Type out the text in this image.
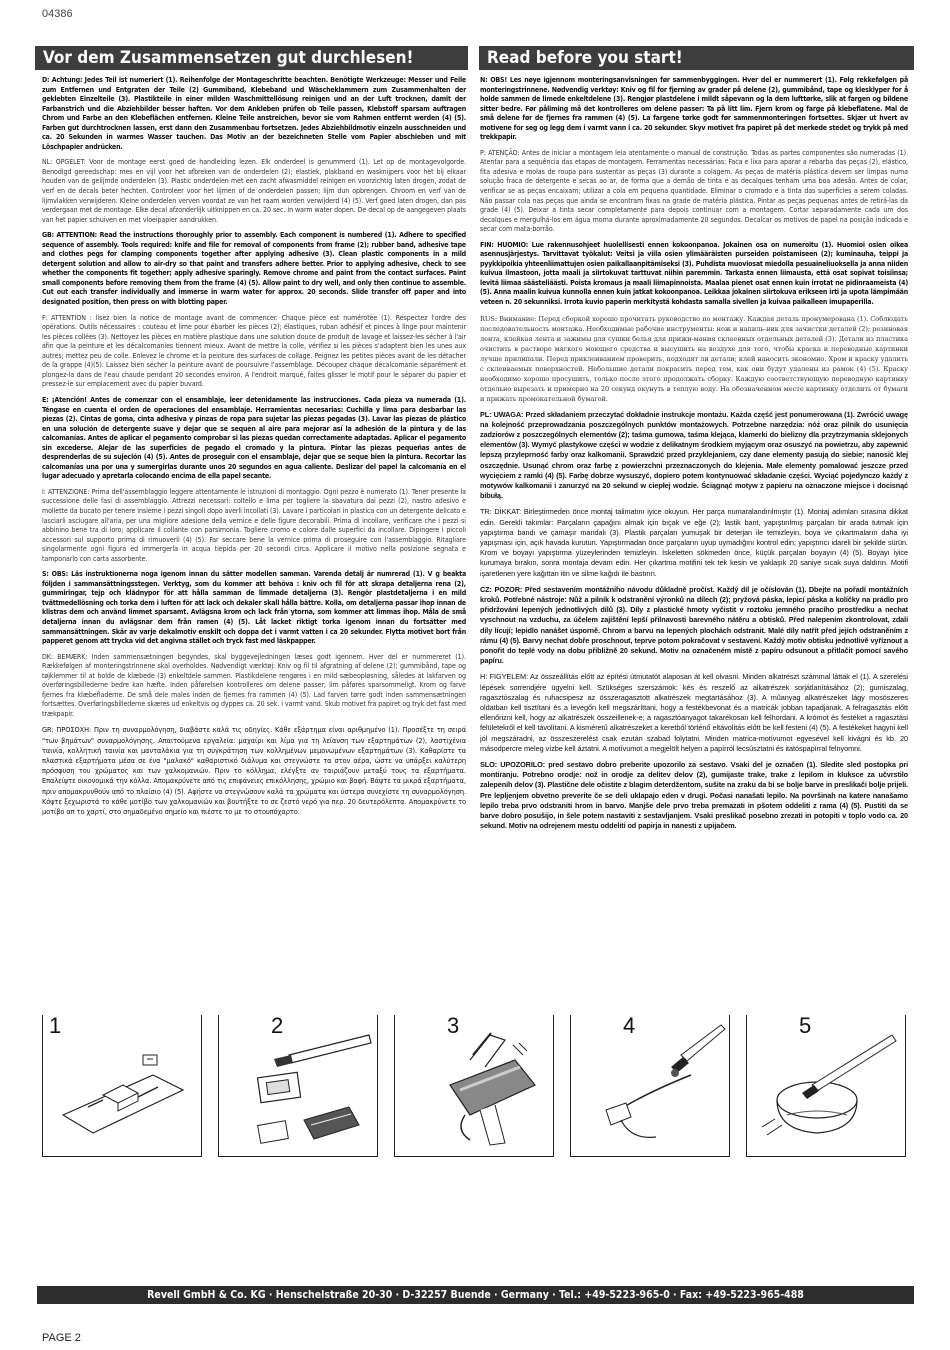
04386
Vor dem Zusammensetzen gut durchlesen!	Read before you start!

D: Achtung: Jedes Teil ist numeriert (1). Reihenfolge der Montageschritte beachten. Benötigte Werkzeuge: Messer und Feile zum Entfernen und Entgraten der Teile (2) Gummiband, Klebeband und Wäscheklammern zum Zusammenhalten der geklebten Einzelteile (3). Plastikteile in einer milden Waschmittellösung reinigen und an der Luft trocknen, damit der Farbanstrich und die Abziehbilder besser haften. Vor dem Ankleben prüfen ob Teile passen, Klebstoff sparsam auftragen Chrom und Farbe an den Klebeflächen entfernen. Kleine Teile anstreichen, bevor sie vom Rahmen entfernt werden (4) (5). Farben gut durchtrocknen lassen, erst dann den Zusammenbau fortsetzen. Jedes Abziehbildmotiv einzeln ausschneiden und ca. 20 Sekunden in warmes Wasser tauchen. Das Motiv an der bezeichneten Stelle vom Papier abschieben und mit Löschpapier andrücken.

NL: OPGELET: Voor de montage eerst goed de handleiding lezen. Elk onderdeel is genummerd (1). Let op de montagevolgorde. Benodigd gereedschap: mes en vijl voor het afbreken van de onderdelen (2); elastiek, plakband en wasknijpers voor het bij elkaar houden van de gelijmde onderdelen (3). Plastic onderdelen met een zacht afwasmiddel reinigen en voorzichtig laten drogen, zodat de verf en de decals beter hechten. Controleer voor het lijmen of de onderdelen passen; lijm dun opbrengen. Chroom en verf van de lijmvlakken verwijderen. Kleine onderdelen verven voordat ze van het raam worden verwijderd (4) (5). Verf goed laten drogen, dan pas verdergaan met de montage. Elke decal afzonderlijk uitknippen en ca. 20 sec. in warm water dopen. De decal op de aangegeven plaats van het papier schuiven en met vloeipapier aandrukken.

GB: ATTENTION: Read the instructions thoroughly prior to assembly. Each component is numbered (1). Adhere to specified sequence of assembly. Tools required: knife and file for removal of components from frame (2); rubber band, adhesive tape and clothes pegs for clamping components together after applying adhesive (3). Clean plastic components in a mild detergent solution and allow to air-dry so that paint and transfers adhere better. Prior to applying adhesive, check to see whether the components fit together; apply adhesive sparingly. Remove chrome and paint from the contact surfaces. Paint small components before removing them from the frame (4) (5). Allow paint to dry well, and only then continue to assemble. Cut out each transfer individually and immerse in warm water for approx. 20 seconds. Slide transfer off paper and into designated position, then press on with blotting paper.

F: ATTENTION : lisez bien la notice de montage avant de commencer. Chaque pièce est numérotée (1). Respectez l'ordre des opérations. Outils nécessaires : couteau et lime pour ébarber les pièces (2); élastiques, ruban adhésif et pinces à linge pour maintenir les pièces collées (3). Nettoyez les pièces en matière plastique dans une solution douce de produit de lavage et laissez-les sécher à l'air afin que la peinture et les décalcomanies tiennent mieux. Avant de mettre la colle, vérifiez si les pièces s'adaptent bien les unes aux autres; mettez peu de colle. Enlevez le chrome et la peinture des surfaces de collage. Peignez les petites pièces avant de les détacher de la grappe (4)(5). Laissez bien sécher la peinture avant de poursuivre l'assemblage. Découpez chaque décalcomanie séparément et plongez-la dans de l'eau chaude pendant 20 secondes environ. A l'endroit marqué, faites glisser le motif pour le séparer du papier et pressez-le sur emplacement avec du papier buvard.

E: ¡Atención! Antes de comenzar con el ensamblaje, leer detenidamente las instrucciones. Cada pieza va numerada (1). Téngase en cuenta el orden de operaciones del ensamblaje. Herramientas necesarias: Cuchilla y lima para desbarbar las piezas (2). Cintas de goma, cinta adhesiva y pinzas de ropa para sujetar las piezas pegadas (3). Lavar las piezas de plástico en una solución de detergente suave y dejar que se sequen al aire para mejorar así la adhesión de la pintura y de las calcomanías. Antes de aplicar el pegamento comprobar si las piezas quedan correctamente adaptadas. Aplicar el pegamento sin excederse. Alejar de las superficies de pegado el cromado y la pintura. Pintar las piezas pequeñas antes de desprenderlas de su sujeción (4) (5). Antes de proseguir con el ensamblaje, dejar que se seque bien la pintura. Recortar las calcomanías una por una y sumergirlas durante unos 20 segundos en agua caliente. Deslizar del papel la calcomanía en el lugar adecuado y apretarla colocando encima de ella papel secante.

I: ATTENZIONE: Prima dell'assemblaggio leggere attentamente le istruzioni di montaggio. Ogni pezzo è numerato (1). Tener presente la successione delle fasi di assemblaggio. Attrezzi necessari: coltello e lima per togliere la sbavatura dai pezzi (2), nastro adesivo e mollette da bucato per tenere insieme i pezzi singoli dopo averli incollati (3). Lavare i particolari in plastica con un detergente delicato e lasciarli asciugare all'aria, per una migliore adesione della vernice e delle figure decorabili. Prima di incollare, verificare che i pezzi si abbinino bene tra di loro; applicare il collante con parsimonia. Togliere cromo e colore dalle superfici da incollare. Dipingere i piccoli accessori sul supporto prima di rimuoverli (4) (5). Far seccare bene la vernice prima di proseguire con l'assemblaggio. Ritagliare singolarmente ogni figura ed immergerla in acqua tiepida per 20 secondi circa. Applicare il motivo nella posizione segnata e tamponarlo con carta assorbente.

S: OBS: Läs instruktionerna noga igenom innan du sätter modellen samman. Varenda detalj är numrerad (1). V g beakta följden i sammansättningsstegen. Verktyg, som du kommer att behöva : kniv och fil för att skrapa detaljerna rena (2), gummiringar, tejp och klädnypor för att hålla samman de limmade detaljerna (3). Rengör plastdetaljerna i en mild tvättmedellösning och torka dem i luften för att lack och dekaler skall hålla bättre. Kolla, om detaljerna passar ihop innan de klistras dem och använd limmet sparsamt. Avlägsna krom och lack från ytorna, som kommer att limmas ihop. Måla de små detaljerna innan du avlägsnar dem från ramen (4) (5). Låt lacket riktigt torka igenom innan du fortsätter med sammansättningen. Skär av varje dekalmotiv enskilt och doppa det i varmt vatten i ca 20 sekunder. Flytta motivet bort från papperet genom att trycka vid det angivna stället och tryck fast med läskpapper.

DK: BEMÆRK: Inden sammensætningen begyndes, skal byggevejledningen læses godt igennem. Hver del er nummereret (1). Rækkefølgen af monteringstrinnene skal overholdes. Nødvendigt værktøj: Kniv og fil til afgratning af delene (2); gummibånd, tape og tøjklemmer til at holde de klæbede (3) enkeltdele sammen. Plastikdelene rengøres i en mild sæbeopløsning, således at lakfarven og overføringsbillederne bedre kan hæfte. Inden påførelsen kontrolleres om delene passer; lim påføres sparsommeligt. Krom og farve fjernes fra klæbefladerne. De små dele males inden de fjernes fra rammen (4) (5). Lad farven tørre godt inden sammensætningen fortsættes. Overføringsbillederne skæres ud enkeltvis og dyppes ca. 20 sek. i varmt vand. Skub motivet fra papiret og tryk det fast med trækpapir.

GR: ΠΡΟΣΟΧΗ: Πριν τη συναρμολόγηση, διαβάστε καλά τις οδηγίες. Κάθε εξάρτημα είναι αριθμημένο (1). Προσέξτε τη σειρά "των βημάτων" συναρμολόγησης. Απαιτούμενα εργαλεία: μαχαίρι και λίμα για τη λείανση των εξαρτημάτων (2), λαστιχένια ταινία, κολλητική ταινία και μανταλάκια για τη συγκράτηση των κολλημένων μεμονωμένων εξαρτημάτων (3). Καθαρίστε τα πλαστικά εξαρτήματα μέσα σε ένα "μαλακό" καθαριστικό διάλυμα και στεγνώστε τα στον αέρα, ώστε να υπάρξει καλύτερη πρόσφυση του χρώματος και των χαλκομανιών. Πριν το κόλλημα, ελέγξτε αν ταιριάζουν μεταξύ τους τα εξαρτήματα. Επαλείψτε οικονομικά την κόλλα. Απομακρύνετε από τις επιφάνειες επικόλλησης, χρώμιο και βαφή. Βάψτε τα μικρά εξαρτήματα, πριν απομακρυνθούν από το πλαίσιο (4) (5). Αφήστε να στεγνώσουν καλά τα χρώματα και ύστερα συνεχίστε τη συναρμολόγηση. Κόψτε ξεχωριστά το κάθε μοτίβο των χαλκομανιών και βουτήξτε το σε ζεστό νερό για περ. 20 δευτερόλεπτα. Απομακρύνετε το μοτίβο απ το χαρτί, στο σημαδεμένο σημείο και πιέστε το με το στουπόχαρτο.

N: OBS! Les nøye igjennom monteringsanvisningen før sammenbyggingen. Hver del er nummerert (1). Følg rekkefølgen på monteringstrinnene. Nødvendig verktøy: Kniv og fil for fjerning av grader på delene (2), gummibånd, tape og klesklyper for å holde sammen de limede enkeltdelene (3). Rengjør plastdelene i mildt såpevann og la dem lufttørke, slik at fargen og bildene sitter bedre. Før påliming må det kontrolleres om delene passer: Ta på litt lim. Fjern krom og farge på klebeflatene. Mal de små delene før de fjernes fra rammen (4) (5). La fargene tørke godt før sammenmonteringen fortsettes. Skjær ut hvert av motivene for seg og legg dem i varmt vann i ca. 20 sekunder. Skyv motivet fra papiret på det merkede stedet og trykk på med trekkpapir.

P: ATENÇÃO: Antes de iniciar a montagem leia atentamente o manual de construção. Todas as partes componentes são numeradas (1). Atentar para a sequência das etapas de montagem. Ferramentas necessárias: Faca e lixa para aparar a rebarba das peças (2), elástico, fita adesiva e molas de roupa para sustentar as peças (3) durante a colagem. As peças de matéria plástica devem ser limpas numa solução fraca de detergente e secas ao ar, de forma que a demão de tinta e as decalques tenham uma boa adesão. Antes de colar, verificar se as peças encaixam; utilizar a cola em pequena quantidade. Eliminar o cromado e a tinta das superfícies a serem coladas. Não passar cola nas peças que ainda se encontram fixas na grade de matéria plástica. Pintar as peças pequenas antes de retirá-las da grade (4) (5). Deixar a tinta secar completamente para depois continuar com a montagem. Cortar separadamente cada um dos decalques e mergulhá-los em água morna durante aproximadamente 20 segundos. Decalcar os motivos de papel na posição indicada e secar com mata-borrão.

FIN: HUOMIO: Lue rakennusohjeet huolellisesti ennen kokoonpanoa. Jokainen osa on numeroitu (1). Huomioi osien oikea asennusjärjestys. Tarvittavat työkalut: Veitsi ja viila osien ylimääräisten purseiden poistamiseen (2); kuminauha, teippi ja pyykkipoikia yhteenliimattujen osien paikallaanpitämiseksi (3). Puhdista muoviosat miedolla pesuaineliuoksella ja anna niiden kuivua ilmastoon, jotta maali ja siirtokuvat tarttuvat niihin paremmin. Tarkasta ennen liimausta, että osat sopivat toisiinsa; levitä liimaa säästeliäästi. Poista kromaus ja maali liimapinnoista. Maalaa pienet osat ennen kuin irrotat ne pidinraameista (4) (5). Anna maalin kuivua kunnolla ennen kuin jatkat kokoonpanoa. Leikkaa jokainen siirtokuva erikseen irti ja upota lämpimään veteen n. 20 sekunniksi. Irrota kuvio paperin merkitystä kohdasta samalla sivellen ja kuivaa paikalleen imupaperilla.

RUS: Внимание: Перед сборкой хорошо прочитать руководство по монтажу. Каждая деталь пронумерована (1). Соблюдать последовательность монтажа. Необходимые рабочие инструменты: нож и напиль-ник для зачистки деталей (2); резиновая лента, клейкая лента и зажимы для сушки белья для прижи-мания склеенных отдельных деталей (3). Детали из пластика очистить в растворе мягкого моющего средства и высушить на воздухе для того, чтобы краска и переводные картинки лучше прилипали. Перед приклеиванием проверить, подходят ли детали; клей наносить экономно. Хром и краску удалить с склеиваемых поверхностей. Небольшие детали покрасить перед тем, как они будут удалены из рамок (4) (5). Краску необходимо хорошо просушить, только после этого продолжать сборку. Каждую соответствующую переводную картинку отдельно вырезать и примерно на 20 секунд окунуть в теплую воду. На обозначенном месте картинку отделить от бумаги и прижать промокательной бумагой.

PL: UWAGA: Przed składaniem przeczytać dokładnie instrukcje montażu. Każda część jest ponumerowana (1). Zwrócić uwagę na kolejność przeprowadzania poszczególnych punktów montażowych. Potrzebne narzędzia: nóż oraz pilnik do usunięcia zadziorów z poszczególnych elementów (2); taśma gumowa, taśma klejąca, klamerki do bielizny dla przytrzymania sklejonych elementów (3). Wymyć plastykowe części w wodzie z delikatnym środkiem myjącym oraz osuszyć na powietrzu, aby zapewnić lepszą przyleprność farby oraz kalkomanii. Sprawdzić przed przyklejaniem, czy dane elementy pasują do siebie; nanosić klej oszczędnie. Usunąć chrom oraz farbę z powierzchni przeznaczonych do klejenia. Małe elementy pomalować jeszcze przed wycięciem z ramki (4) (5). Farbę dobrze wysuszyć, dopiero potem kontynuować składanie części. Wyciąć pojedynczo każdy z motywów kalkomanii i zanurzyć na 20 sekund w ciepłej wodzie. Ściągnąć motyw z papieru na oznaczone miejsce i docisnąć bibułą.

TR: DİKKAT: Birleştirmeden önce montaj talimatını iyice okuyun. Her parça numaralandırılmıştır (1). Montaj adımları sırasına dikkat edin. Gerekli takımlar: Parçaların çapağını almak için bıçak ve eğe (2); lastik bant, yapıştırılmış parçaları bir arada tutmak için yapıştırma bandı ve çamaşır mandalı (3). Plastik parçaları yumuşak bir deterjan ile temizleyin, boya ve çıkartmaların daha iyi yapışması için, açık havada kurutun. Yapıştırmadan önce parçaların uyup uymadığını kontrol edin; yapıştırıcı idareli bir şekilde sürün. Krom ve boyayı yapıştırma yüzeylerinden temizleyin. İskeletten sökmeden önce, küçük parçaları boyayın (4) (5). Boyayı iyice kurumaya bırakın, sonra montaja devam edin. Her çıkartma motifini tek tek kesin ve yaklaşık 20 saniye sıcak suya daldırın. Motifi işaretlenen yere kağıttan itin ve silme kağıdı ile bastırın.

CZ: POZOR: Před sestavením montážního návodu důkladně pročíst. Každý díl je očíslován (1). Dbejte na pořadí montážních kroků. Potřebné nástroje: Nůž a pilník k odstranění výronků na dílech (2); pryžová páska, lepicí páska a kolíčky na prádlo pro přidržování lepených jednotlivých dílů (3). Díly z plastické hmoty vyčistit v roztoku jemného pracího prostředku a nechat vyschnout na vzduchu, za účelem zajištění lepší přilnavosti barevného nátěru a obtisků. Před nalepením zkontrolovat, zdali díly lícují; lepidlo nanášet úsporně. Chrom a barvu na lepených plochách odstranit. Malé díly natřít před jejich odstraněním z rámu (4) (5). Barvy nechat dobře proschnout, teprve potom pokračovat v sestavení. Každý motiv obtisku jednotlivě vyříznout a ponořit do teplé vody na dobu přibližně 20 sekund. Motiv na označeném místě z papíru odsunout a přitlačit pomocí savého papíru.

H: FIGYELEM: Az összeállítás előtt az építési útmutatót alaposan át kell olvasni. Minden alkatrészt számmal láttak el (1). A szerelési lépések sorrendjére ügyelni kell. Szükséges szerszámok: kés és reszelő az alkatrészek sorjátlanításához (2); gumiszalag, ragasztószalag és ruhacsipesz az összeragasztott alkatrészek megtartásához (3). A műanyag alkatrészeket lágy mosószeres oldatban kell tisztítani és a levegőn kell megszáríttani, hogy a festékbevonat és a matricák jobban tapadjanak. A felragasztás előtt ellenőrizni kell, hogy az alkatrészek összeillenek-e; a ragasztóanyagot takarékosan kell felhordani. A krómot és festéket a ragasztási felületekről el kell távolítani. A kisméretű alkatrészeket a keretből történő eltávolítás előtt be kell festeni (4) (5). A festékeket hagyni kell jól megszáradni, az összeszerelést csak ezután szabad folytatni. Minden matrica-motívumot egyesével kell kivágni és kb. 20 másodpercre meleg vízbe kell áztatni. A motívumot a megjelölt helyen a papírról lecsúsztatni és itatóspapírral felnyomni.

SLO: UPOZORILO: pred sestavo dobro preberite upozorilo za sestavo. Vsaki del je označen (1). Sledite sled postopka pri montiranju. Potrebno orodje: nož in orodje za delitev delov (2), gumijaste trake, trake z lepilom in kluksce za učvrstilo zalepenih delov (3). Plastične dele očistite z blagim deterdžentom, sušite na zraku da bi se bolje barve in preslikači bolje prijeli. Pre lepljenjem obvetno preverite če se deli uklapajo eden v drugi. Počasi nanašati lepilo. Na površinah na katere nanašamo lepilo treba prvo odstraniti hrom in barvo. Manjše dele prvo treba premazati in pšotem oddeliti z rama (4) (5). Pustiti da se barve dobro posušijo, in šele potem nastaviti z sestavljanjem. Vsaki preslikač posebno zrezati in potopiti v toplo vodo ca. 20 sekund. Motiv na odrejenem mestu oddeliti od papirja in nanesti z upijačem.

1	2	3	4	5
Revell GmbH & Co. KG · Henschelstraße 20-30 · D-32257 Buende · Germany · Tel.: +49-5223-965-0 · Fax: +49-5223-965-488
PAGE 2
